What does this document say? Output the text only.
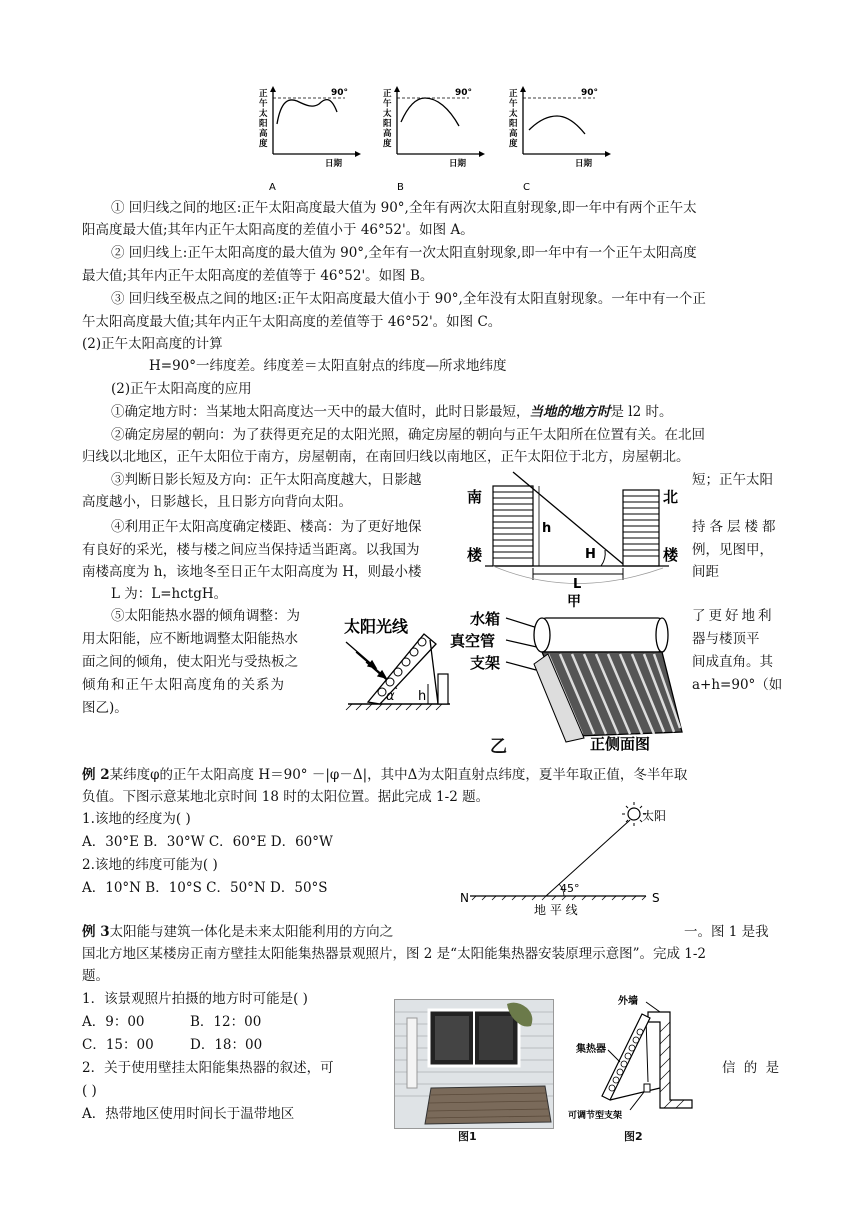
正
午
太
阳
高
度
90°
日期
正
午
太
阳
高
度
90°
日期
正
午
太
阳
高
度
90°
日期
A	B	C
① 回归线之间的地区:正午太阳高度最大值为 90°,全年有两次太阳直射现象,即一年中有两个正午太
阳高度最大值;其年内正午太阳高度的差值小于 46°52'。如图 A。
② 回归线上:正午太阳高度的最大值为 90°,全年有一次太阳直射现象,即一年中有一个正午太阳高度
最大值;其年内正午太阳高度的差值等于 46°52'。如图 B。
③ 回归线至极点之间的地区:正午太阳高度最大值小于 90°,全年没有太阳直射现象。一年中有一个正
午太阳高度最大值;其年内正午太阳高度的差值等于 46°52'。如图 C。
(2)正午太阳高度的计算
H=90°一纬度差。纬度差＝太阳直射点的纬度—所求地纬度
(2)正午太阳高度的应用
①确定地方时：当某地太阳高度达一天中的最大值时，此时日影最短，当地的地方时是 l2 时。
②确定房屋的朝向：为了获得更充足的太阳光照，确定房屋的朝向与正午太阳所在位置有关。在北回
归线以北地区，正午太阳位于南方，房屋朝南，在南回归线以南地区，正午太阳位于北方，房屋朝北。
③判断日影长短及方向：正午太阳高度越大，日影越	短；正午太阳
高度越小，日影越长，且日影方向背向太阳。
④利用正午太阳高度确定楼距、楼高：为了更好地保	持各层楼都
有良好的采光，楼与楼之间应当保持适当距离。以我国为	例，见图甲，
南楼高度为 h，该地冬至日正午太阳高度为 H，则最小楼	间距
L 为：L=hctgH。
⑤太阳能热水器的倾角调整：为	了更好地利
用太阳能，应不断地调整太阳能热水	器与楼顶平
面之间的倾角，使太阳光与受热板之	间成直角。其
倾角和正午太阳高度角的关系为	a+h=90°（如
图乙)。
南
楼
北
楼
h
H
L
甲
太阳光线
α h
水箱
真空管
支架
正侧面图
乙
例 2某纬度φ的正午太阳高度 H＝90° －|φ－Δ|，其中Δ为太阳直射点纬度，夏半年取正值，冬半年取
负值。下图示意某地北京时间 18 时的太阳位置。据此完成 1-2 题。
1.该地的经度为( )
A．30°E B．30°W C．60°E D．60°W
2.该地的纬度可能为( )
A．10°N B．10°S C．50°N D．50°S
太阳
N	S
45°
地 平 线
例 3太阳能与建筑一体化是未来太阳能利用的方向之	一。图 1 是我
国北方地区某楼房正南方壁挂太阳能集热器景观照片，图 2 是“太阳能集热器安装原理示意图”。完成 1-2
题。
1．该景观照片拍摄的地方时可能是( )
A．9：00	B．12：00
C．15：00	D．18：00
2．关于使用壁挂太阳能集热器的叙述，可	信 的 是
( )
A．热带地区使用时间长于温带地区
图1
外墙
集热器
可调节型支架
图2
